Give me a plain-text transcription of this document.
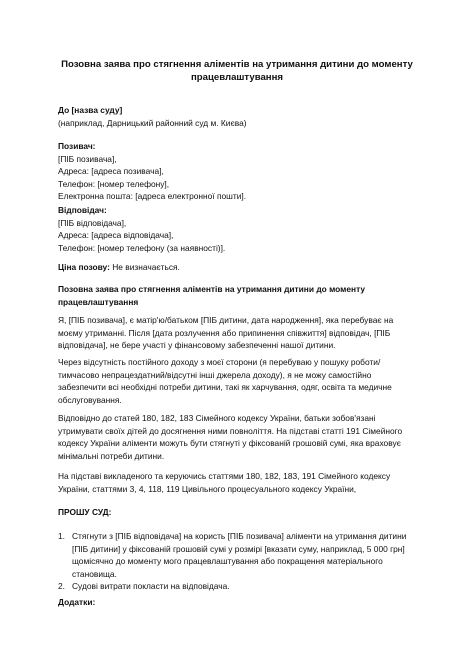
Позовна заява про стягнення аліментів на утримання дитини до моменту працевлаштування
До [назва суду]
(наприклад, Дарницький районний суд м. Києва)
Позивач:
[ПІБ позивача],
Адреса: [адреса позивача],
Телефон: [номер телефону],
Електронна пошта: [адреса електронної пошти].
Відповідач:
[ПІБ відповідача],
Адреса: [адреса відповідача],
Телефон: [номер телефону (за наявності)].
Ціна позову: Не визначається.
Позовна заява про стягнення аліментів на утримання дитини до моменту працевлаштування
Я, [ПІБ позивача], є матір'ю/батьком [ПІБ дитини, дата народження], яка перебуває на моєму утриманні. Після [дата розлучення або припинення співжиття] відповідач, [ПІБ відповідача], не бере участі у фінансовому забезпеченні нашої дитини.
Через відсутність постійного доходу з моєї сторони (я перебуваю у пошуку роботи/тимчасово непрацездатний/відсутні інші джерела доходу), я не можу самостійно забезпечити всі необхідні потреби дитини, такі як харчування, одяг, освіта та медичне обслуговування.
Відповідно до статей 180, 182, 183 Сімейного кодексу України, батьки зобов'язані утримувати своїх дітей до досягнення ними повноліття. На підставі статті 191 Сімейного кодексу України аліменти можуть бути стягнуті у фіксованій грошовій сумі, яка враховує мінімальні потреби дитини.
На підставі викладеного та керуючись статтями 180, 182, 183, 191 Сімейного кодексу України, статтями 3, 4, 118, 119 Цивільного процесуального кодексу України,
ПРОШУ СУД:
1. Стягнути з [ПІБ відповідача] на користь [ПІБ позивача] аліменти на утримання дитини [ПІБ дитини] у фіксованій грошовій сумі у розмірі [вказати суму, наприклад, 5 000 грн] щомісячно до моменту мого працевлаштування або покращення матеріального становища.
2. Судові витрати покласти на відповідача.
Додатки:
